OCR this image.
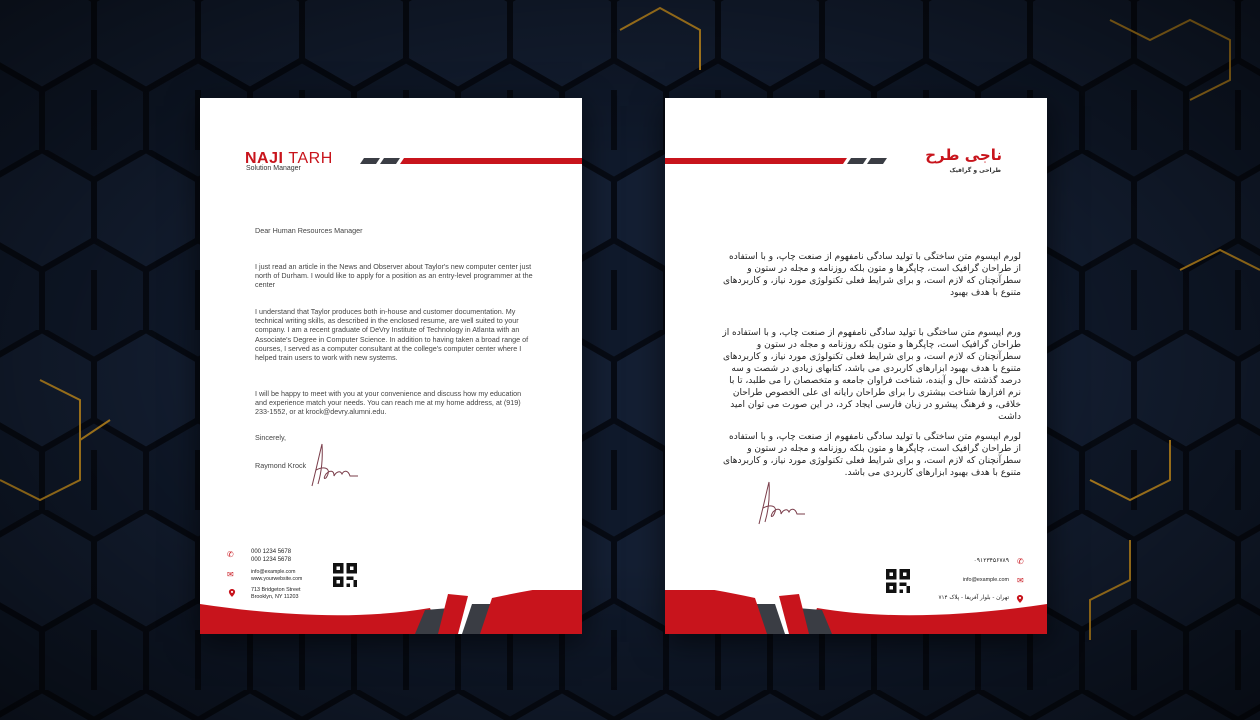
NAJI TARH
Solution Manager
Dear Human Resources Manager
I just read an article in the News and Observer about Taylor's new computer center just north of Durham. I would like to apply for a position as an entry-level programmer at the center
I understand that Taylor produces both in-house and customer documentation. My technical writing skills, as described in the enclosed resume, are well suited to your company. I am a recent graduate of DeVry Institute of Technology in Atlanta with an Associate's Degree in Computer Science. In addition to having taken a broad range of courses, I served as a computer consultant at the college's computer center where I helped train users to work with new systems.
I will be happy to meet with you at your convenience and discuss how my education and experience match your needs. You can reach me at my home address, at (919) 233-1552, or at krock@devry.alumni.edu.
Sincerely,
Raymond Krock
✆	000 1234 5678
000 1234 5678
✉	info@example.com
www.yourwebsite.com
713 Bridgeton Street
Brooklyn, NY 11203
ناجی طرح
طراحی و گرافیک
لورم ایپسوم متن ساختگی با تولید سادگی نامفهوم از صنعت چاپ، و با استفاده از طراحان گرافیک است، چاپگرها و متون بلکه روزنامه و مجله در ستون و سطرآنچنان که لازم است، و برای شرایط فعلی تکنولوژی مورد نیاز، و کاربردهای متنوع با هدف بهبود
ورم ایپسوم متن ساختگی با تولید سادگی نامفهوم از صنعت چاپ، و با استفاده از طراحان گرافیک است، چاپگرها و متون بلکه روزنامه و مجله در ستون و سطرآنچنان که لازم است، و برای شرایط فعلی تکنولوژی مورد نیاز، و کاربردهای متنوع با هدف بهبود ابزارهای کاربردی می باشد، کتابهای زیادی در شصت و سه درصد گذشته حال و آینده، شناخت فراوان جامعه و متخصصان را می طلبد، تا با نرم افزارها شناخت بیشتری را برای طراحان رایانه ای علی الخصوص طراحان خلاقی، و فرهنگ پیشرو در زبان فارسی ایجاد کرد، در این صورت می توان امید داشت
لورم ایپسوم متن ساختگی با تولید سادگی نامفهوم از صنعت چاپ، و با استفاده از طراحان گرافیک است، چاپگرها و متون بلکه روزنامه و مجله در ستون و سطرآنچنان که لازم است، و برای شرایط فعلی تکنولوژی مورد نیاز، و کاربردهای متنوع با هدف بهبود ابزارهای کاربردی می باشد.
✆
۰۹۱۲۳۴۵۶۷۸۹
✉
info@example.com
تهران - بلوار آفریقا - پلاک ۷۱۴
